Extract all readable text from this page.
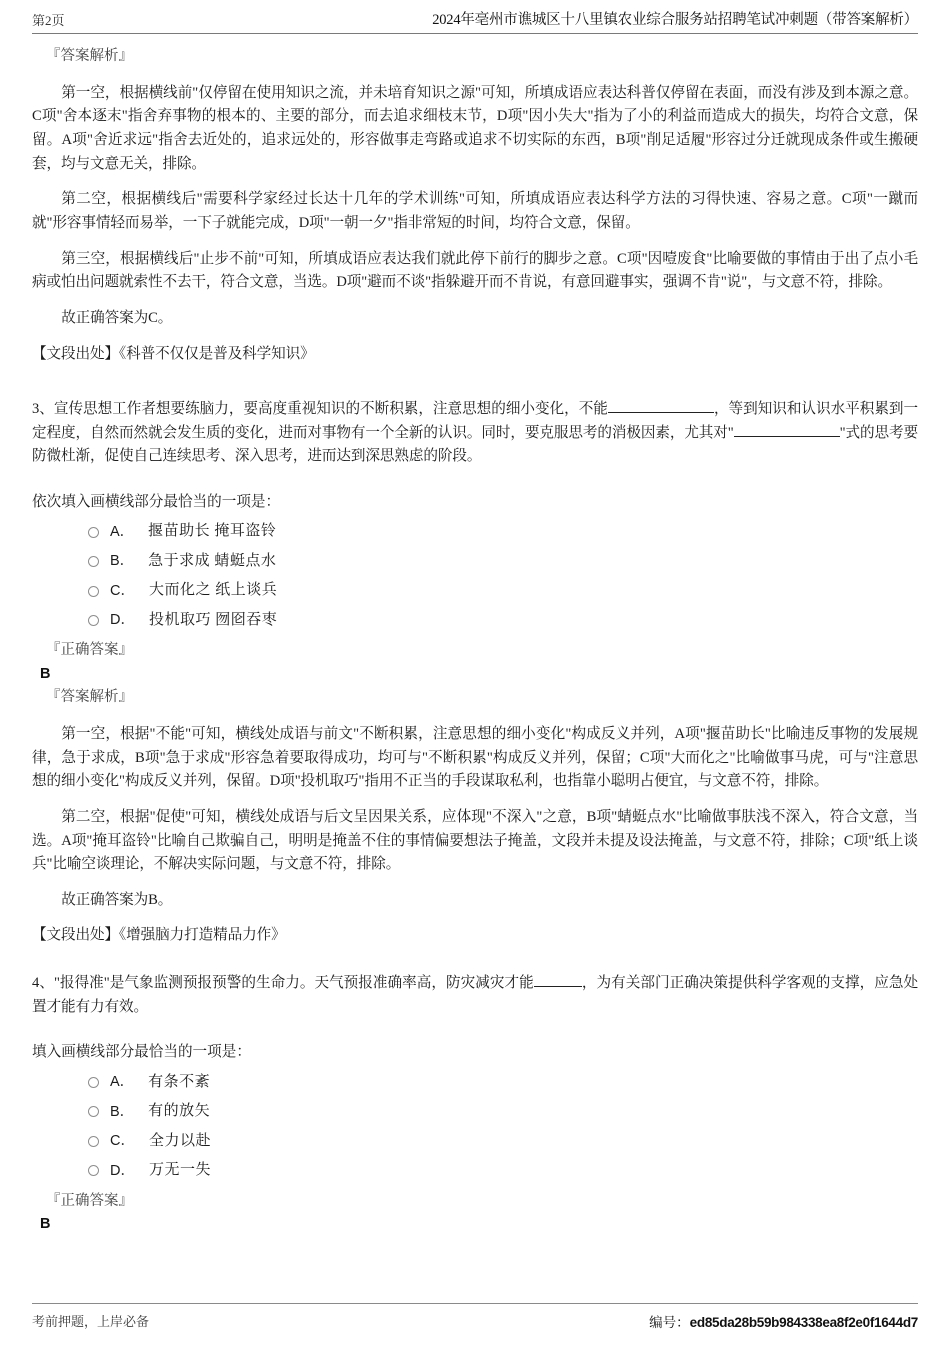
第2页	2024年亳州市谯城区十八里镇农业综合服务站招聘笔试冲刺题（带答案解析）
『答案解析』

第一空，根据横线前"仅停留在使用知识之流，并未培育知识之源"可知，所填成语应表达科普仅停留在表面，而没有涉及到本源之意。C项"舍本逐末"指舍弃事物的根本的、主要的部分，而去追求细枝末节，D项"因小失大"指为了小的利益而造成大的损失，均符合文意，保留。A项"舍近求远"指舍去近处的，追求远处的，形容做事走弯路或追求不切实际的东西，B项"削足适履"形容过分迁就现成条件或生搬硬套，均与文意无关，排除。

第二空，根据横线后"需要科学家经过长达十几年的学术训练"可知，所填成语应表达科学方法的习得快速、容易之意。C项"一蹴而就"形容事情轻而易举，一下子就能完成，D项"一朝一夕"指非常短的时间，均符合文意，保留。

第三空，根据横线后"止步不前"可知，所填成语应表达我们就此停下前行的脚步之意。C项"因噎废食"比喻要做的事情由于出了点小毛病或怕出问题就索性不去干，符合文意，当选。D项"避而不谈"指躲避开而不肯说，有意回避事实，强调不肯"说"，与文意不符，排除。

故正确答案为C。

【文段出处】《科普不仅仅是普及科学知识》

3、宣传思想工作者想要练脑力，要高度重视知识的不断积累，注意思想的细小变化，不能	，等到知识和认识水平积累到一定程度，自然而然就会发生质的变化，进而对事物有一个全新的认识。同时，要克服思考的消极因素，尤其对"	"式的思考要防微杜渐，促使自己连续思考、深入思考，进而达到深思熟虑的阶段。

依次填入画横线部分最恰当的一项是：

A． 揠苗助长 掩耳盗铃
B． 急于求成 蜻蜓点水
C． 大而化之 纸上谈兵
D． 投机取巧 囫囵吞枣
『正确答案』
B
『答案解析』

第一空，根据"不能"可知，横线处成语与前文"不断积累，注意思想的细小变化"构成反义并列，A项"揠苗助长"比喻违反事物的发展规律，急于求成，B项"急于求成"形容急着要取得成功，均可与"不断积累"构成反义并列，保留；C项"大而化之"比喻做事马虎，可与"注意思想的细小变化"构成反义并列，保留。D项"投机取巧"指用不正当的手段谋取私利，也指靠小聪明占便宜，与文意不符，排除。

第二空，根据"促使"可知，横线处成语与后文呈因果关系，应体现"不深入"之意，B项"蜻蜓点水"比喻做事肤浅不深入，符合文意，当选。A项"掩耳盗铃"比喻自己欺骗自己，明明是掩盖不住的事情偏要想法子掩盖，文段并未提及设法掩盖，与文意不符，排除；C项"纸上谈兵"比喻空谈理论，不解决实际问题，与文意不符，排除。

故正确答案为B。

【文段出处】《增强脑力打造精品力作》

4、"报得准"是气象监测预报预警的生命力。天气预报准确率高，防灾减灾才能	，为有关部门正确决策提供科学客观的支撑，应急处置才能有力有效。

填入画横线部分最恰当的一项是：

A． 有条不紊
B． 有的放矢
C． 全力以赴
D． 万无一失
『正确答案』
B
考前押题，上岸必备	编号：ed85da28b59b984338ea8f2e0f1644d7
